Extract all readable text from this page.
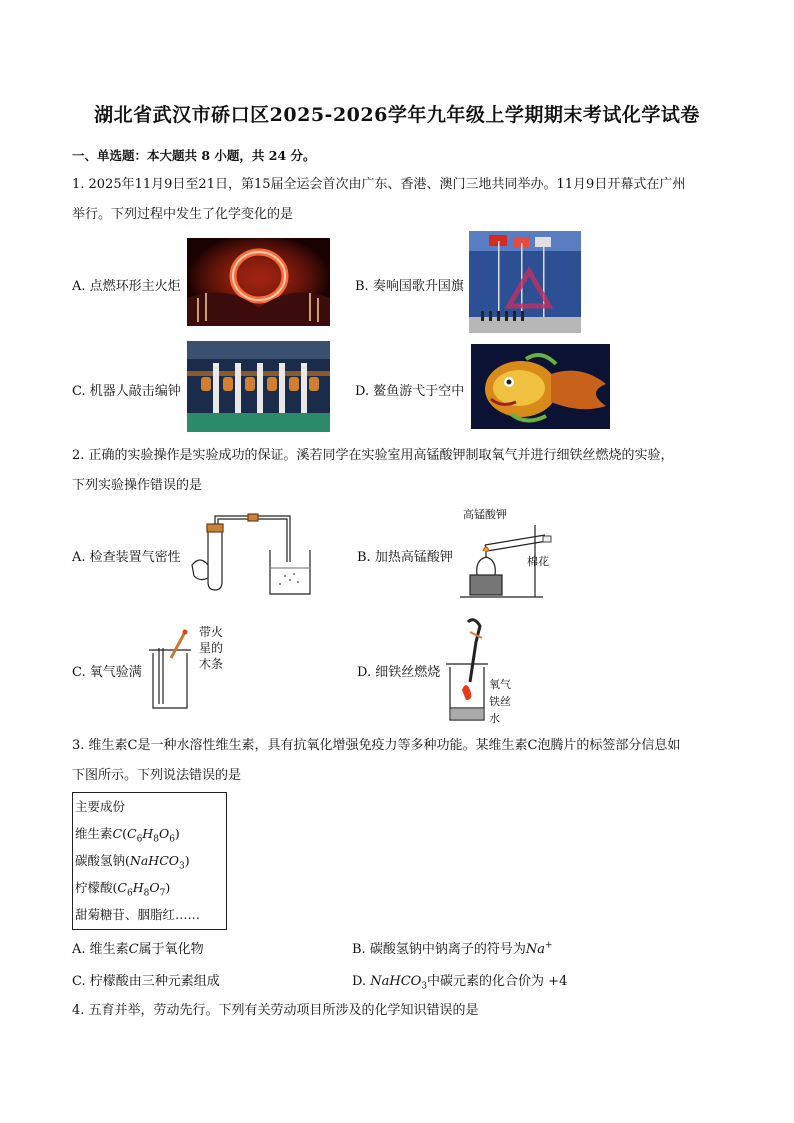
湖北省武汉市硚口区2025-2026学年九年级上学期期末考试化学试卷
一、单选题：本大题共 8 小题，共 24 分。
1. 2025年11月9日至21日，第15届全运会首次由广东、香港、澳门三地共同举办。11月9日开幕式在广州
举行。下列过程中发生了化学变化的是
A. 点燃环形主火炬	B. 奏响国歌升国旗
C. 机器人敲击编钟	D. 鳌鱼游弋于空中
2. 正确的实验操作是实验成功的保证。溪若同学在实验室用高锰酸钾制取氧气并进行细铁丝燃烧的实验，
下列实验操作错误的是
A. 检查装置气密性	B. 加热高锰酸钾
高锰酸钾
棉花
C. 氧气验满
带火
星的
木条
D. 细铁丝燃烧
氧气
铁丝
水
3. 维生素C是一种水溶性维生素，具有抗氧化增强免疫力等多种功能。某维生素C泡腾片的标签部分信息如
下图所示。下列说法错误的是
主要成份
维生素$C(C_6H_8O_6)$
碳酸氢钠(NaHCO$_3$)
柠檬酸$(C_6H_8O_7)$
甜菊糖苷、胭脂红……
A. 维生素C属于氧化物	B. 碳酸氢钠中钠离子的符号为Na+
C. 柠檬酸由三种元素组成	D. NaHCO$_3$中碳元素的化合价为 +4
4. 五育并举，劳动先行。下列有关劳动项目所涉及的化学知识错误的是
